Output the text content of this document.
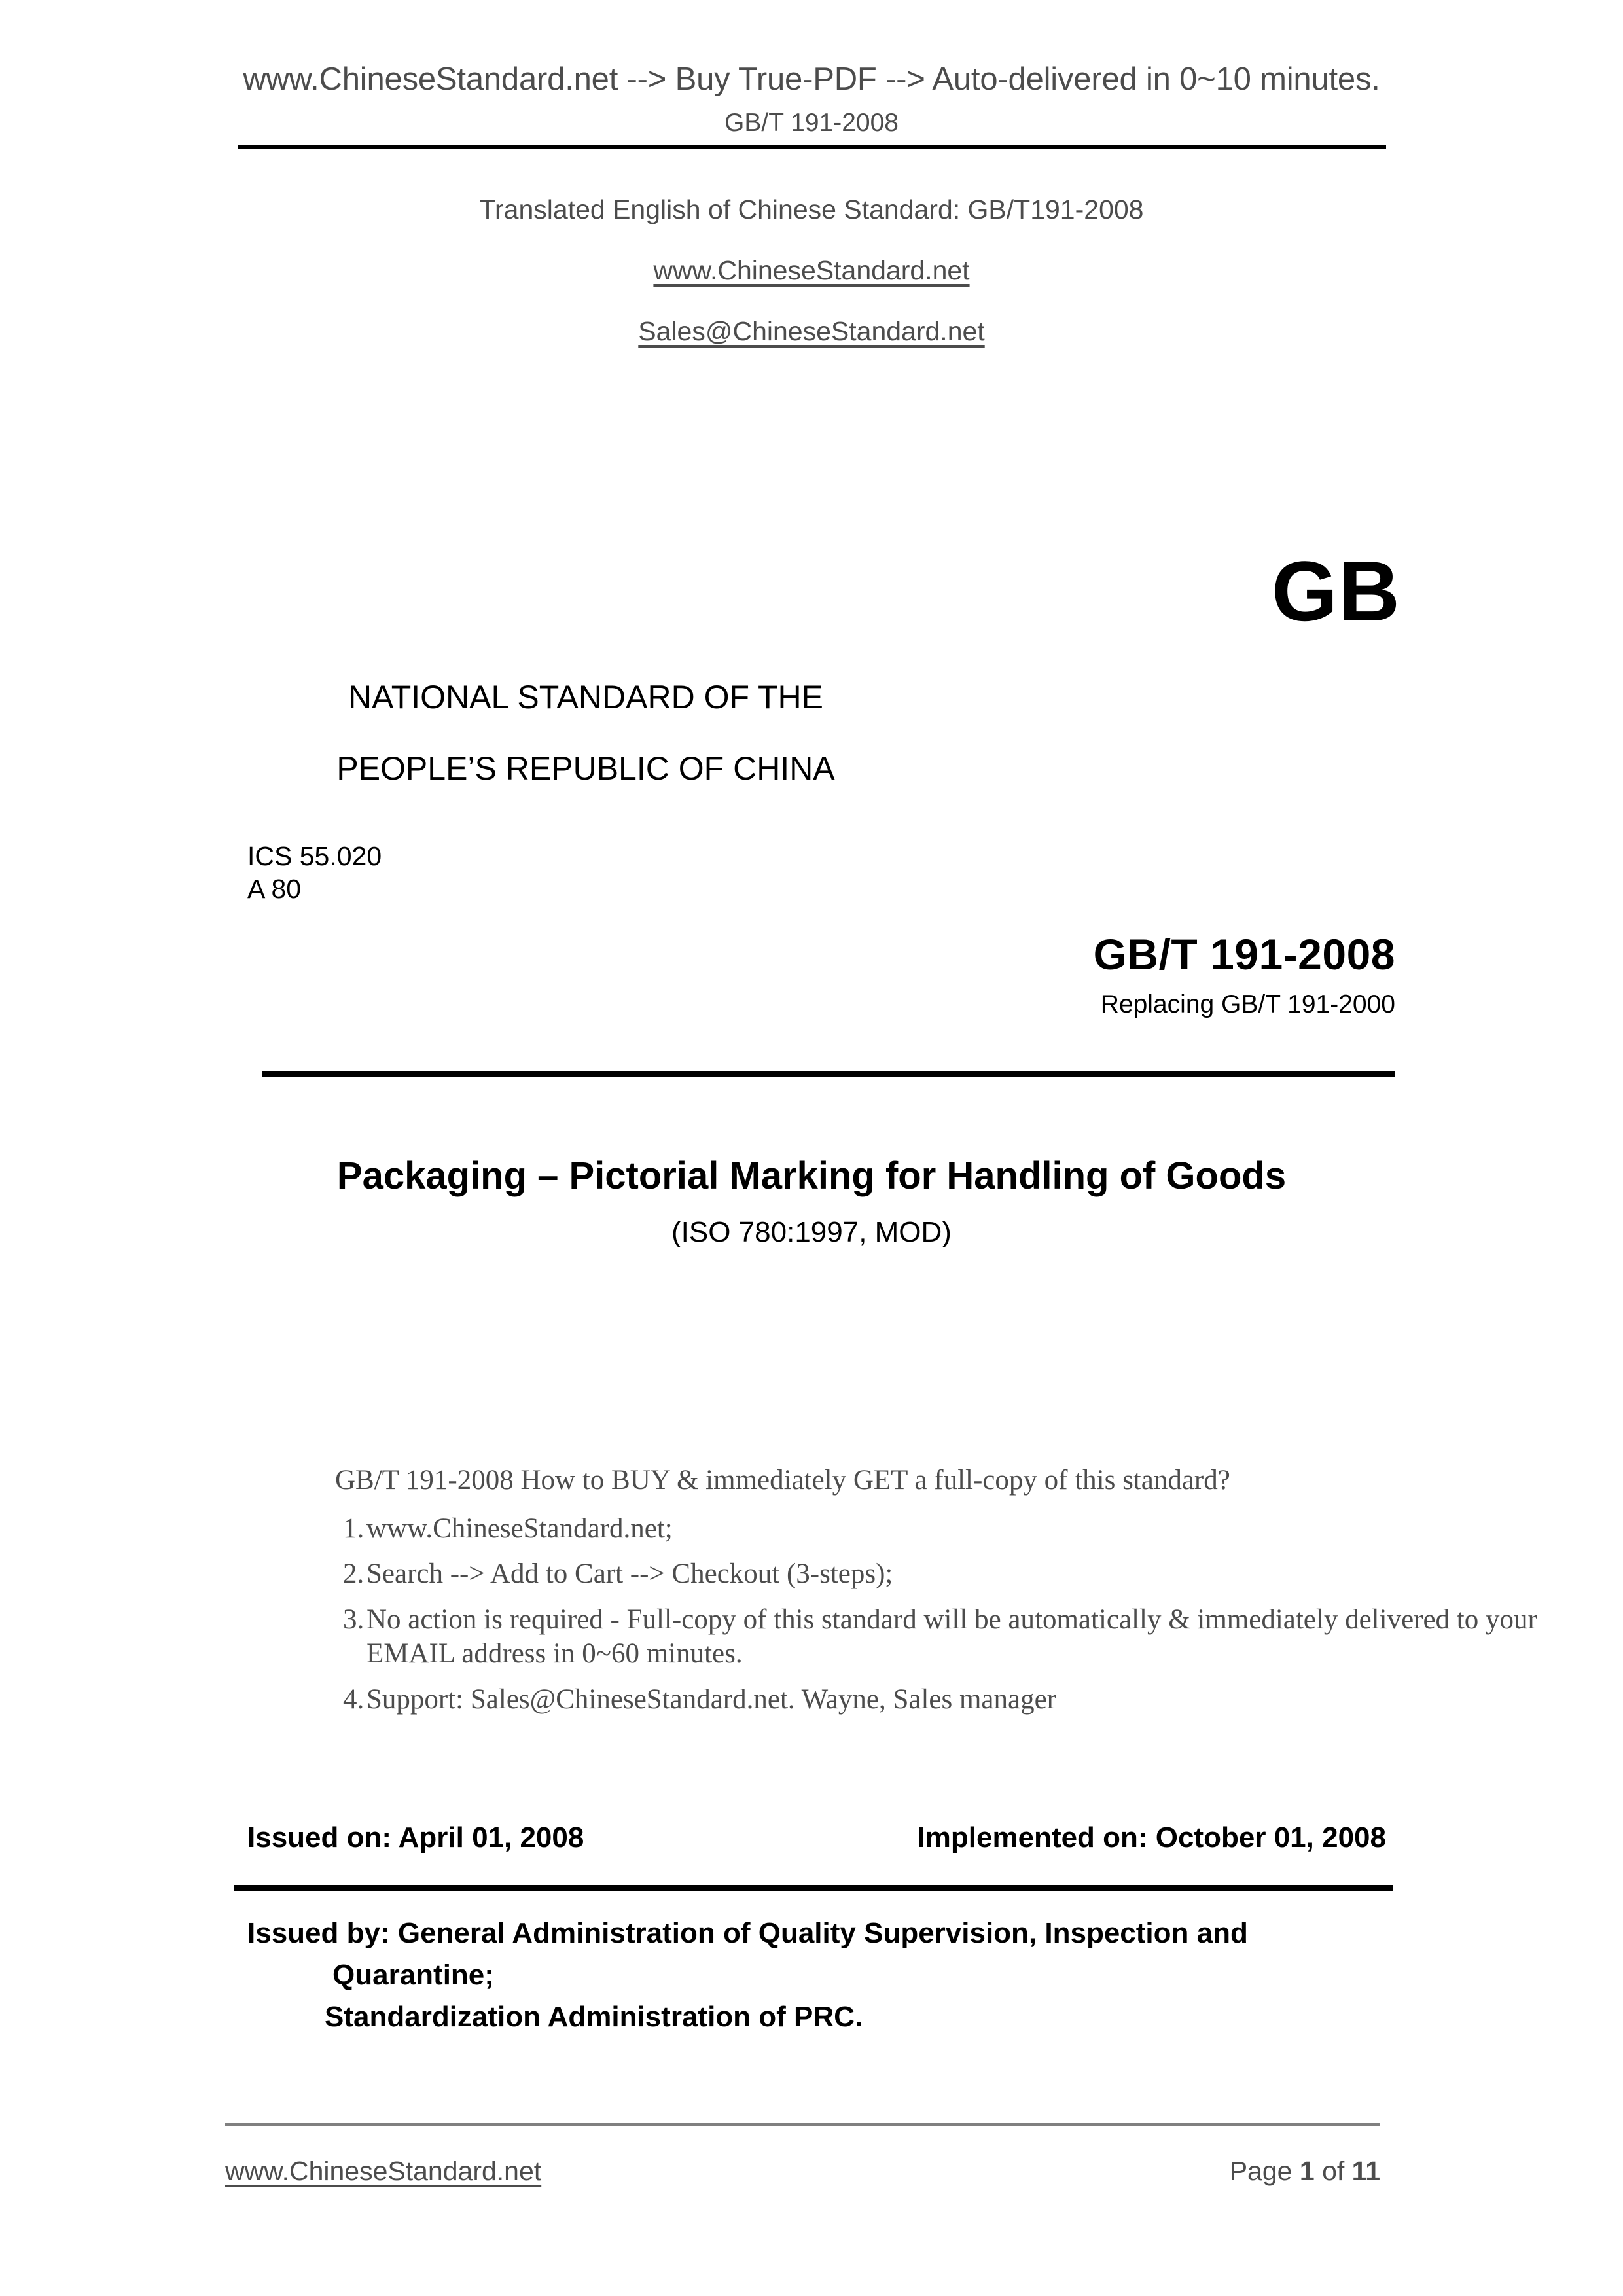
www.ChineseStandard.net --> Buy True-PDF --> Auto-delivered in 0~10 minutes.
GB/T 191-2008
Translated English of Chinese Standard: GB/T191-2008
www.ChineseStandard.net
Sales@ChineseStandard.net
GB
NATIONAL STANDARD OF THE
PEOPLE’S REPUBLIC OF CHINA
ICS 55.020
A 80
GB/T 191-2008
Replacing GB/T 191-2000
Packaging – Pictorial Marking for Handling of Goods
(ISO 780:1997, MOD)
GB/T 191-2008 How to BUY & immediately GET a full-copy of this standard?
1. www.ChineseStandard.net;
2. Search --> Add to Cart --> Checkout (3-steps);
3. No action is required - Full-copy of this standard will be automatically & immediately delivered to your EMAIL address in 0~60 minutes.
4. Support: Sales@ChineseStandard.net. Wayne, Sales manager
Issued on: April 01, 2008	Implemented on: October 01, 2008
Issued by: General Administration of Quality Supervision, Inspection and
Quarantine;
Standardization Administration of PRC.
www.ChineseStandard.net	Page 1 of 11
